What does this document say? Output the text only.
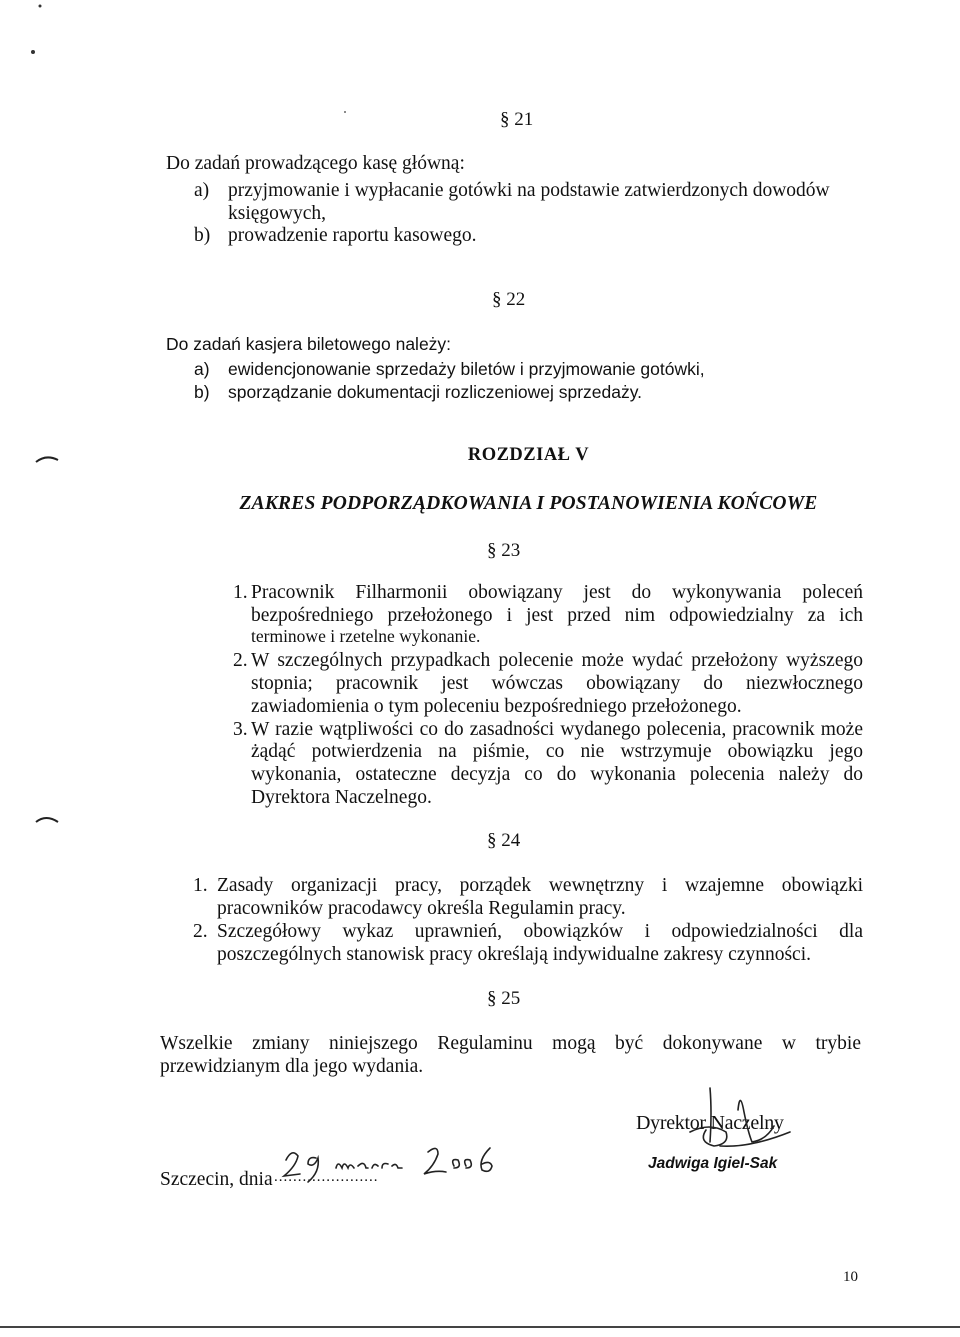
§ 21
Do zadań prowadzącego kasę główną:
a) przyjmowanie i wypłacanie gotówki na podstawie zatwierdzonych dowodów
księgowych,
b) prowadzenie raportu kasowego.
§ 22
Do zadań kasjera biletowego należy:
a) ewidencjonowanie sprzedaży biletów i przyjmowanie gotówki,
b) sporządzanie dokumentacji rozliczeniowej sprzedaży.
ROZDZIAŁ V
ZAKRES PODPORZĄDKOWANIA I POSTANOWIENIA KOŃCOWE
§ 23
1. Pracownik Filharmonii obowiązany jest do wykonywania poleceń
bezpośredniego przełożonego i jest przed nim odpowiedzialny za ich
terminowe i rzetelne wykonanie.
2. W szczególnych przypadkach polecenie może wydać przełożony wyższego
stopnia; pracownik jest wówczas obowiązany do niezwłocznego
zawiadomienia o tym poleceniu bezpośredniego przełożonego.
3. W razie wątpliwości co do zasadności wydanego polecenia, pracownik może
żądąć potwierdzenia na piśmie, co nie wstrzymuje obowiązku jego
wykonania, ostateczne decyzja co do wykonania polecenia należy do
Dyrektora Naczelnego.
§ 24
1. Zasady organizacji pracy, porządek wewnętrzny i wzajemne obowiązki
pracowników pracodawcy określa Regulamin pracy.
2. Szczegółowy wykaz uprawnień, obowiązków i odpowiedzialności dla
poszczególnych stanowisk pracy określają indywidualne zakresy czynności.
§ 25
Wszelkie zmiany niniejszego Regulaminu mogą być dokonywane w trybie
przewidzianym dla jego wydania.
Szczecin, dnia ......................
Dyrektor Naczelny
Jadwiga Igiel-Sak
10
